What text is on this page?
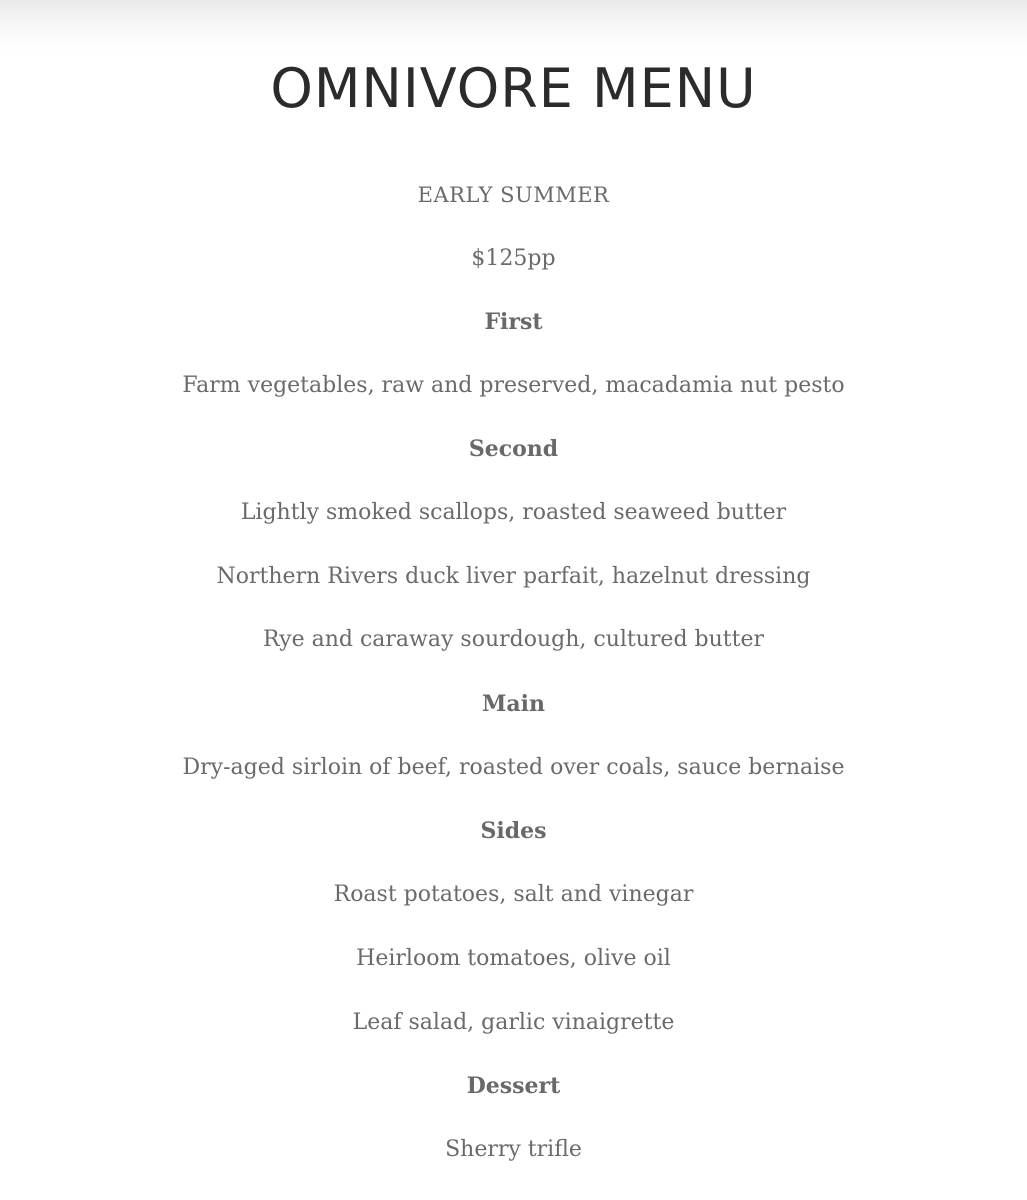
OMNIVORE MENU

EARLY SUMMER

$125pp

First

Farm vegetables, raw and preserved, macadamia nut pesto

Second

Lightly smoked scallops, roasted seaweed butter

Northern Rivers duck liver parfait, hazelnut dressing

Rye and caraway sourdough, cultured butter

Main

Dry-aged sirloin of beef, roasted over coals, sauce bernaise

Sides

Roast potatoes, salt and vinegar

Heirloom tomatoes, olive oil

Leaf salad, garlic vinaigrette

Dessert

Sherry trifle
